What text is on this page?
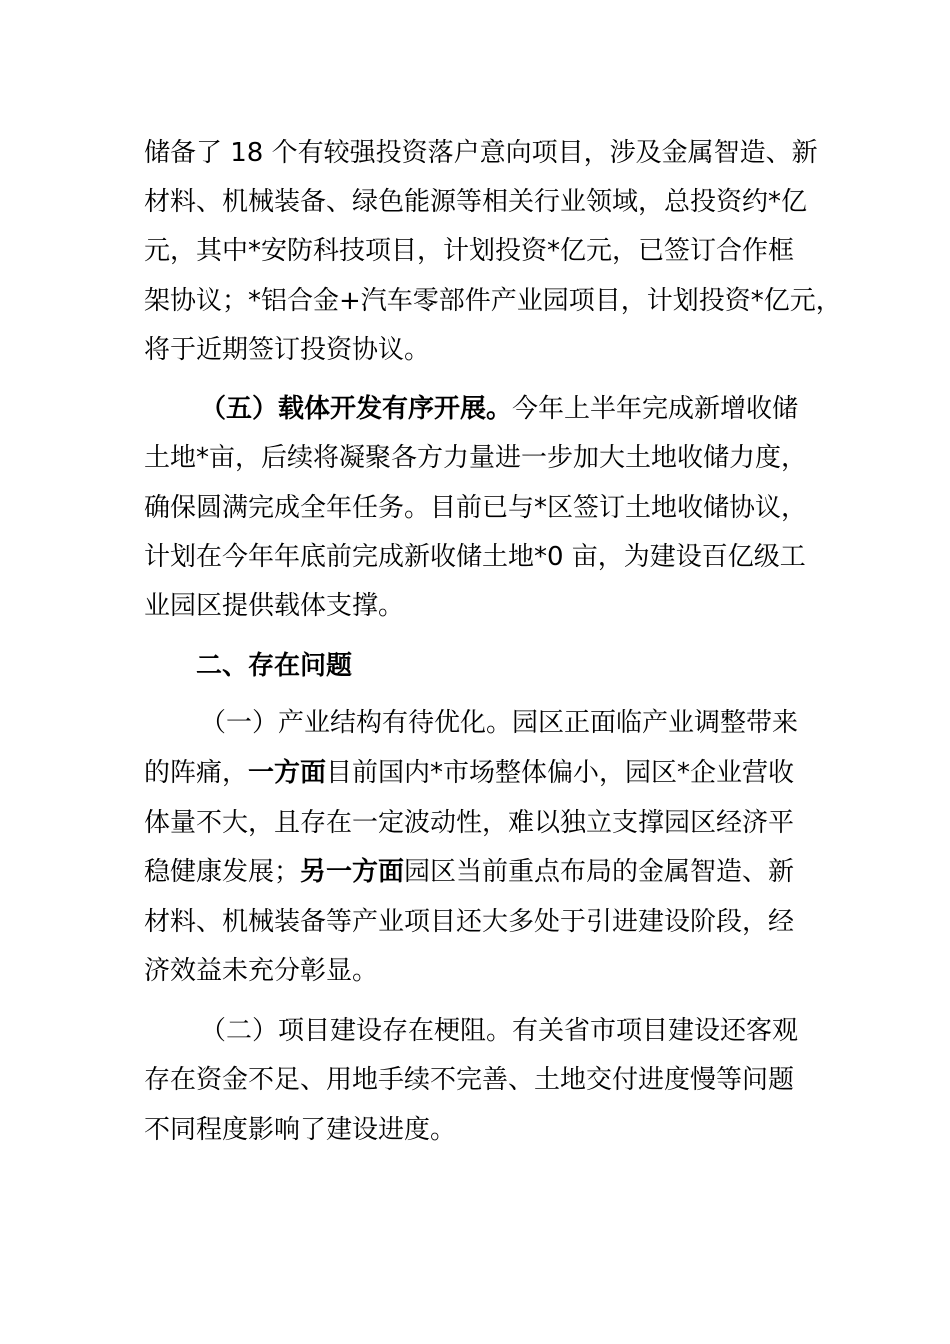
储备了 18 个有较强投资落户意向项目，涉及金属智造、新
材料、机械装备、绿色能源等相关行业领域，总投资约*亿
元，其中*安防科技项目，计划投资*亿元，已签订合作框
架协议；*铝合金+汽车零部件产业园项目，计划投资*亿元，
将于近期签订投资协议。
（五）载体开发有序开展。今年上半年完成新增收储
土地*亩，后续将凝聚各方力量进一步加大土地收储力度，
确保圆满完成全年任务。目前已与*区签订土地收储协议，
计划在今年年底前完成新收储土地*0 亩，为建设百亿级工
业园区提供载体支撑。
二、存在问题
（一）产业结构有待优化。园区正面临产业调整带来
的阵痛，一方面目前国内*市场整体偏小，园区*企业营收
体量不大，且存在一定波动性，难以独立支撑园区经济平
稳健康发展；另一方面园区当前重点布局的金属智造、新
材料、机械装备等产业项目还大多处于引进建设阶段，经
济效益未充分彰显。
（二）项目建设存在梗阻。有关省市项目建设还客观
存在资金不足、用地手续不完善、土地交付进度慢等问题
不同程度影响了建设进度。
